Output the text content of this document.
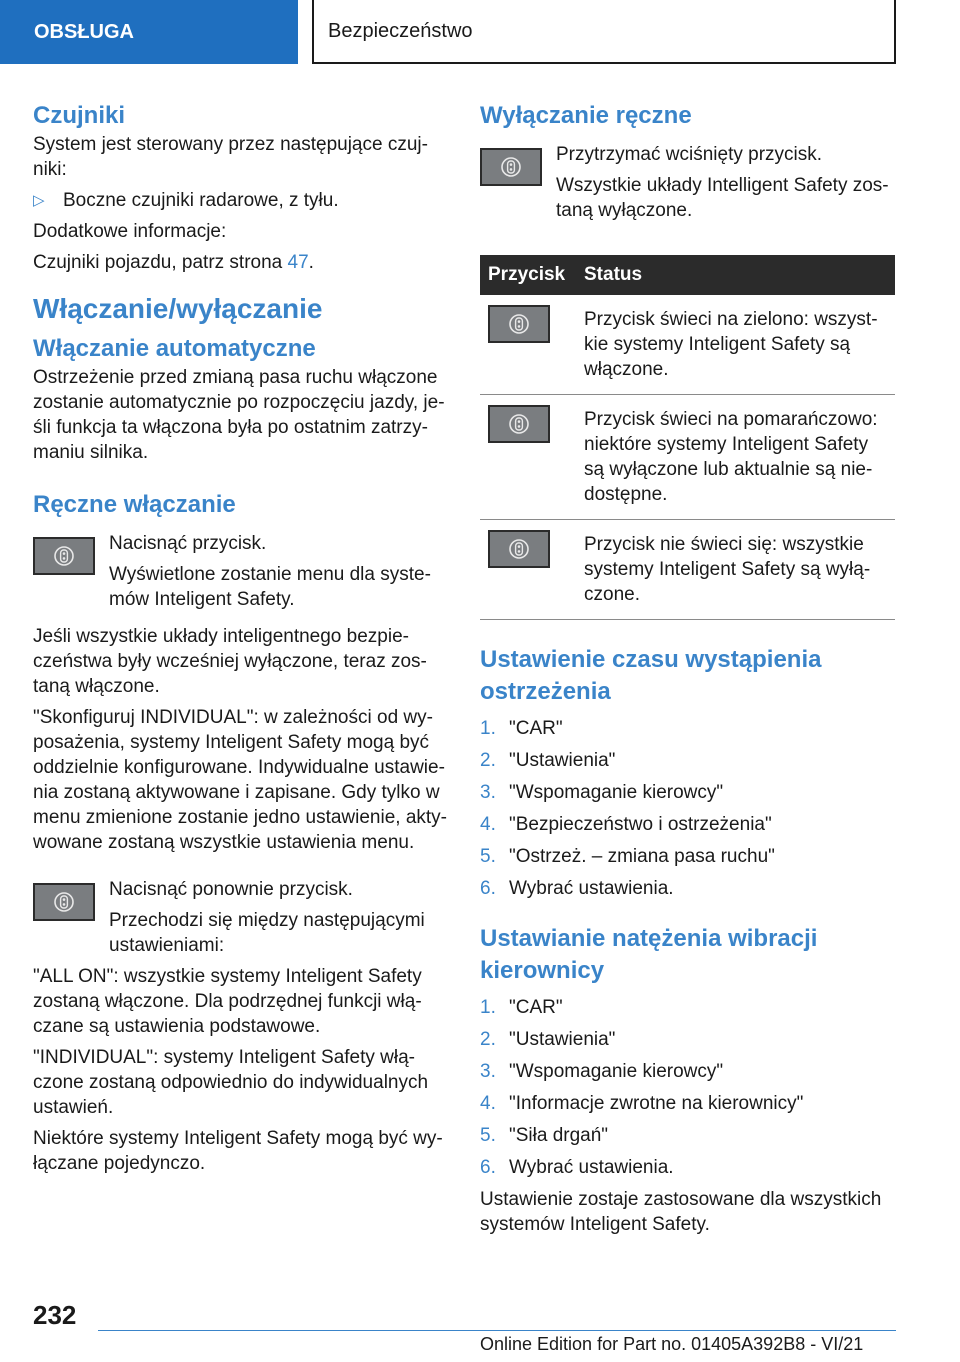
OBSŁUGA	Bezpieczeństwo
Czujniki

System jest sterowany przez następujące czuj-niki:

▷ Boczne czujniki radarowe, z tyłu.

Dodatkowe informacje:

Czujniki pojazdu, patrz strona 47.

Włączanie/wyłączanie
Włączanie automatyczne

Ostrzeżenie przed zmianą pasa ruchu włączone zostanie automatycznie po rozpoczęciu jazdy, je-śli funkcja ta włączona była po ostatnim zatrzy-maniu silnika.

Ręczne włączanie

Nacisnąć przycisk.

Wyświetlone zostanie menu dla syste-mów Inteligent Safety.

Jeśli wszystkie układy inteligentnego bezpie-czeństwa były wcześniej wyłączone, teraz zos-taną włączone.

"Skonfiguruj INDIVIDUAL": w zależności od wy-posażenia, systemy Inteligent Safety mogą być oddzielnie konfigurowane. Indywidualne ustawie-nia zostaną aktywowane i zapisane. Gdy tylko w menu zmienione zostanie jedno ustawienie, akty-wowane zostaną wszystkie ustawienia menu.

Nacisnąć ponownie przycisk.

Przechodzi się między następującymi ustawieniami:

"ALL ON": wszystkie systemy Inteligent Safety zostaną włączone. Dla podrzędnej funkcji włą-czane są ustawienia podstawowe.

"INDIVIDUAL": systemy Inteligent Safety włą-czone zostaną odpowiednio do indywidualnych ustawień.

Niektóre systemy Inteligent Safety mogą być wy-łączane pojedynczo.

Wyłączanie ręczne

Przytrzymać wciśnięty przycisk.

Wszystkie układy Intelligent Safety zos-taną wyłączone.

Przycisk	Status

	Przycisk świeci na zielono: wszyst-kie systemy Inteligent Safety są włączone.

	Przycisk świeci na pomarańczowo: niektóre systemy Inteligent Safety są wyłączone lub aktualnie są nie-dostępne.

	Przycisk nie świeci się: wszystkie systemy Inteligent Safety są wyłą-czone.
Ustawienie czasu wystąpienia ostrzeżenia
1. "CAR"
2. "Ustawienia"
3. "Wspomaganie kierowcy"
4. "Bezpieczeństwo i ostrzeżenia"
5. "Ostrzeż. – zmiana pasa ruchu"
6. Wybrać ustawienia.
Ustawianie natężenia wibracji kierownicy
1. "CAR"
2. "Ustawienia"
3. "Wspomaganie kierowcy"
4. "Informacje zwrotne na kierownicy"
5. "Siła drgań"
6. Wybrać ustawienia.

Ustawienie zostaje zastosowane dla wszystkich systemów Inteligent Safety.

232
Online Edition for Part no. 01405A392B8 - VI/21
